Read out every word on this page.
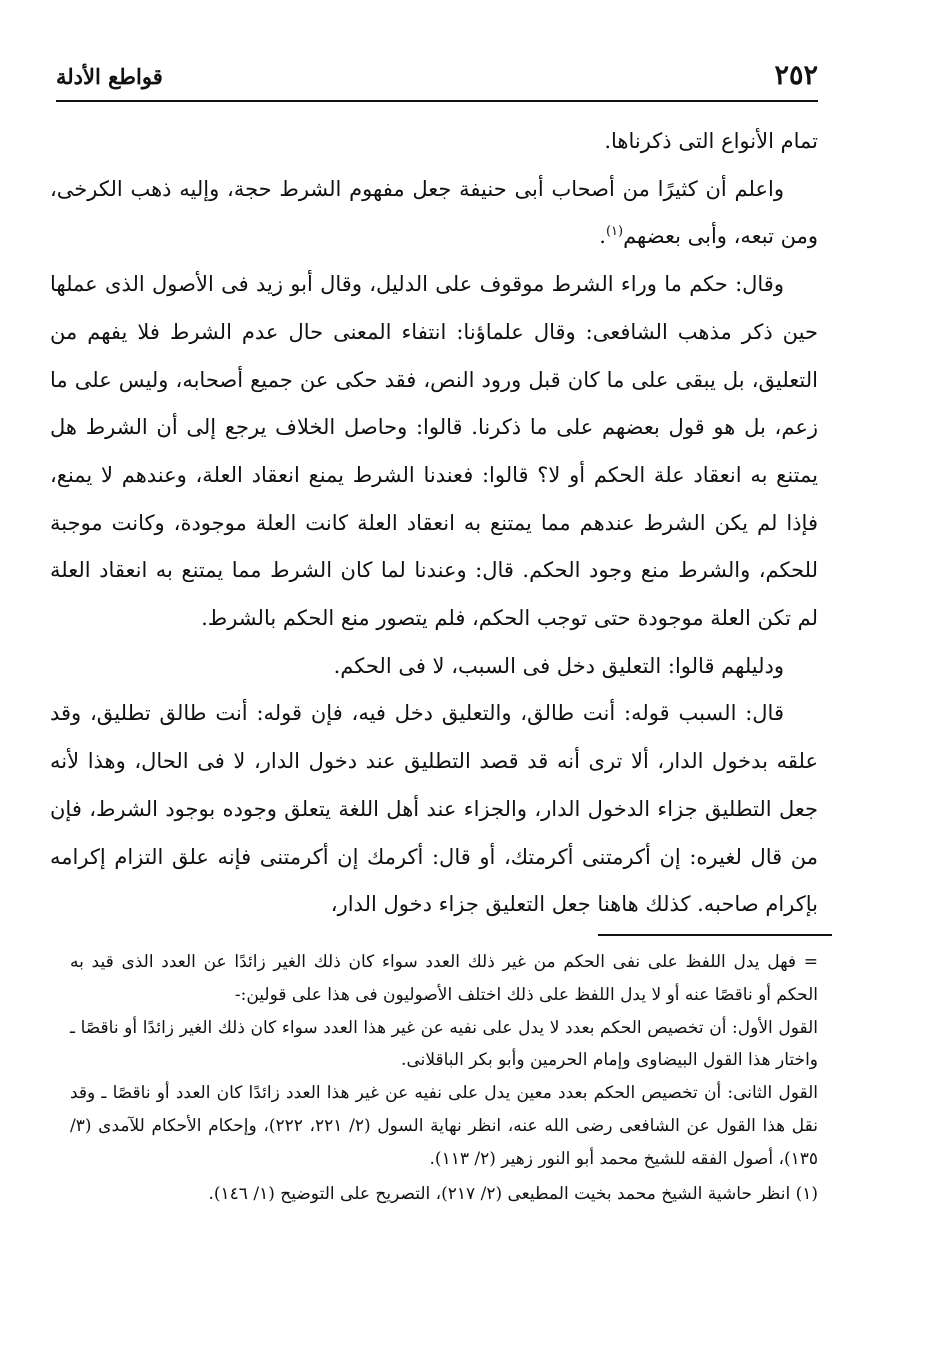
٢٥٢
قواطع الأدلة

تمام الأنواع التى ذكرناها.

واعلم أن كثيرًا من أصحاب أبى حنيفة جعل مفهوم الشرط حجة، وإليه ذهب الكرخى، ومن تبعه، وأبى بعضهم$^{(١)}$.

وقال: حكم ما وراء الشرط موقوف على الدليل، وقال أبو زيد فى الأصول الذى عملها حين ذكر مذهب الشافعى: وقال علماؤنا: انتفاء المعنى حال عدم الشرط فلا يفهم من التعليق، بل يبقى على ما كان قبل ورود النص، فقد حكى عن جميع أصحابه، وليس على ما زعم، بل هو قول بعضهم على ما ذكرنا. قالوا: وحاصل الخلاف يرجع إلى أن الشرط هل يمتنع به انعقاد علة الحكم أو لا؟ قالوا: فعندنا الشرط يمنع انعقاد العلة، وعندهم لا يمنع، فإذا لم يكن الشرط عندهم مما يمتنع به انعقاد العلة كانت العلة موجودة، وكانت موجبة للحكم، والشرط منع وجود الحكم. قال: وعندنا لما كان الشرط مما يمتنع به انعقاد العلة لم تكن العلة موجودة حتى توجب الحكم، فلم يتصور منع الحكم بالشرط.

ودليلهم قالوا: التعليق دخل فى السبب، لا فى الحكم.

قال: السبب قوله: أنت طالق، والتعليق دخل فيه، فإن قوله: أنت طالق تطليق، وقد علقه بدخول الدار، ألا ترى أنه قد قصد التطليق عند دخول الدار، لا فى الحال، وهذا لأنه جعل التطليق جزاء الدخول الدار، والجزاء عند أهل اللغة يتعلق وجوده بوجود الشرط، فإن من قال لغيره: إن أكرمتنى أكرمتك، أو قال: أكرمك إن أكرمتنى فإنه علق التزام إكرامه بإكرام صاحبه. كذلك هاهنا جعل التعليق جزاء دخول الدار،

= فهل يدل اللفظ على نفى الحكم من غير ذلك العدد سواء كان ذلك الغير زائدًا عن العدد الذى قيد به الحكم أو ناقصًا عنه أو لا يدل اللفظ على ذلك اختلف الأصوليون فى هذا على قولين:-

القول الأول: أن تخصيص الحكم بعدد لا يدل على نفيه عن غير هذا العدد سواء كان ذلك الغير زائدًا أو ناقصًا ـ واختار هذا القول البيضاوى وإمام الحرمين وأبو بكر الباقلانى.

القول الثانى: أن تخصيص الحكم بعدد معين يدل على نفيه عن غير هذا العدد زائدًا كان العدد أو ناقصًا ـ وقد نقل هذا القول عن الشافعى رضى الله عنه، انظر نهاية السول (٢/ ٢٢١، ٢٢٢)، وإحكام الأحكام للآمدى (٣/ ١٣٥)، أصول الفقه للشيخ محمد أبو النور زهير (٢/ ١١٣).

(١) انظر حاشية الشيخ محمد بخيت المطيعى (٢/ ٢١٧)، التصريح على التوضيح (١/ ١٤٦).
